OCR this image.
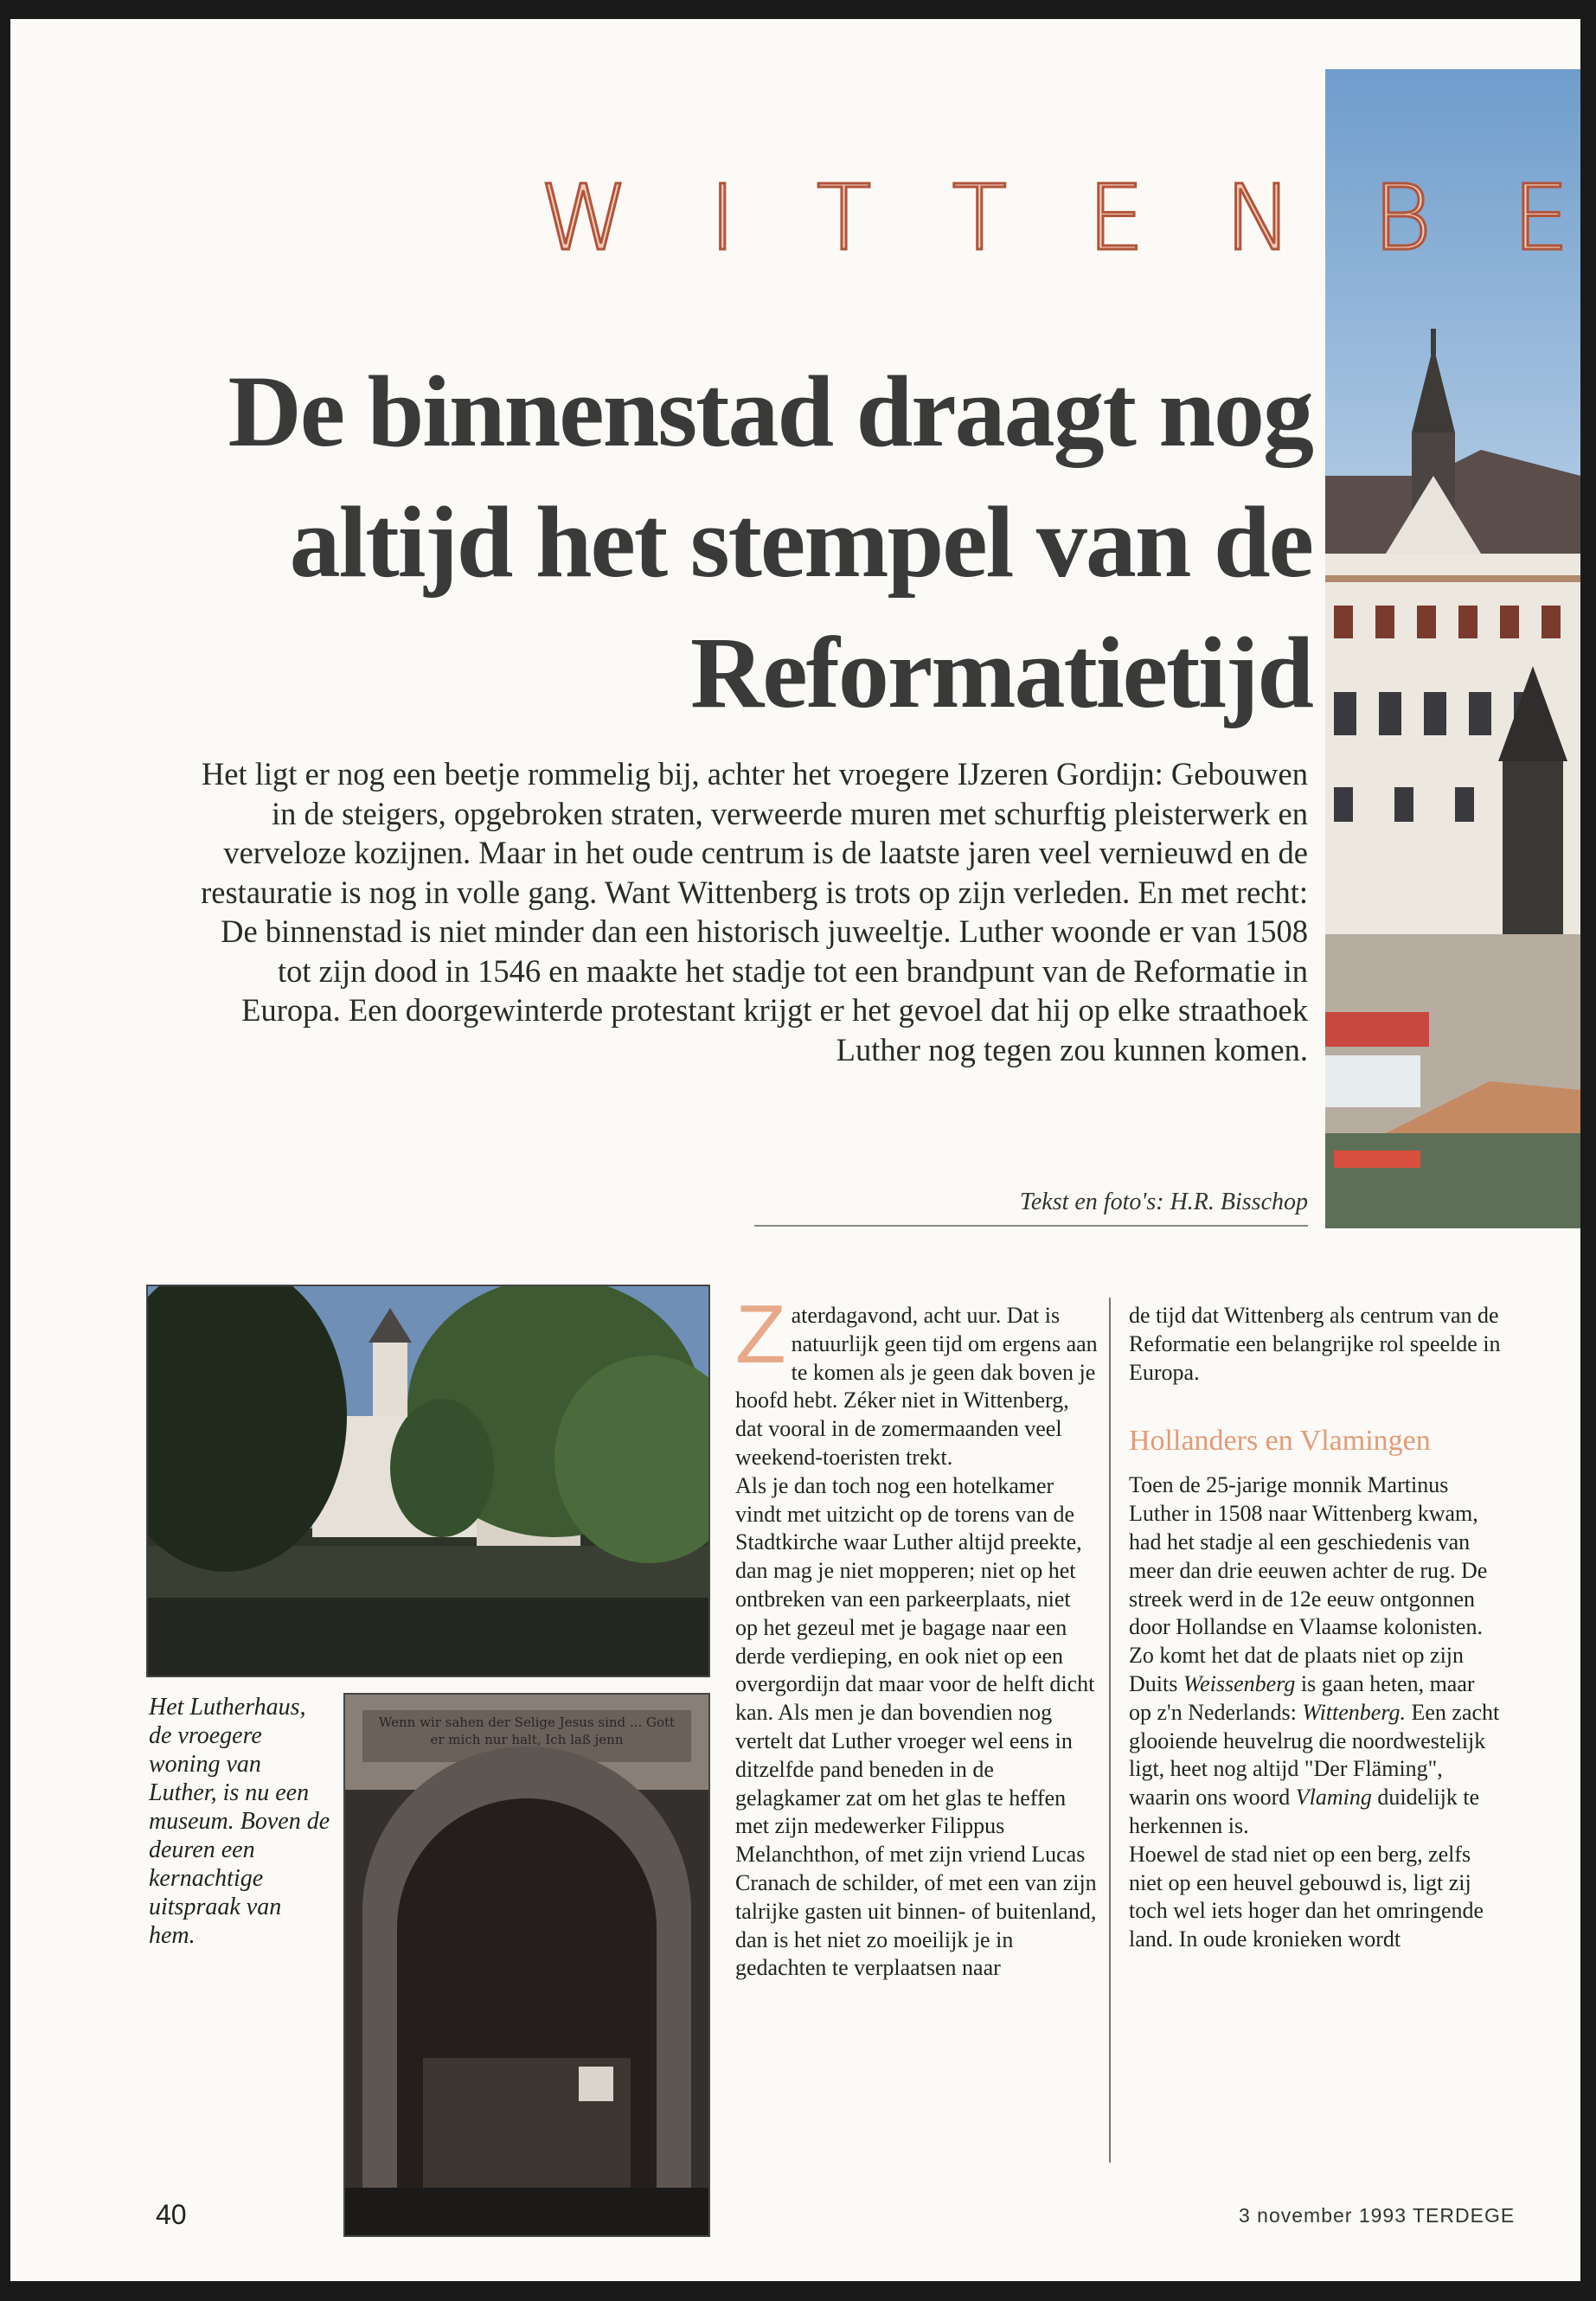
W I T T E N B E
De binnenstad draagt nog altijd het stempel van de Reformatietijd

Het ligt er nog een beetje rommelig bij, achter het vroegere IJzeren Gordijn: Gebouwen in de steigers, opgebroken straten, verweerde muren met schurftig pleisterwerk en verveloze kozijnen. Maar in het oude centrum is de laatste jaren veel vernieuwd en de restauratie is nog in volle gang. Want Wittenberg is trots op zijn verleden. En met recht: De binnenstad is niet minder dan een historisch juweeltje. Luther woonde er van 1508 tot zijn dood in 1546 en maakte het stadje tot een brandpunt van de Reformatie in Europa. Een doorgewinterde protestant krijgt er het gevoel dat hij op elke straathoek Luther nog tegen zou kunnen komen.

Tekst en foto's: H.R. Bisschop

Het Lutherhaus, de vroegere woning van Luther, is nu een museum. Boven de deuren een kernachtige uitspraak van hem.

Wenn wir sahen der Selige Jesus sind ... Gott er mich nur halt, Ich laß jenn

Zaterdagavond, acht uur. Dat is natuurlijk geen tijd om ergens aan te komen als je geen dak boven je hoofd hebt. Zéker niet in Wittenberg, dat vooral in de zomermaanden veel weekend-toeristen trekt.

Als je dan toch nog een hotelkamer vindt met uitzicht op de torens van de Stadtkirche waar Luther altijd preekte, dan mag je niet mopperen; niet op het ontbreken van een parkeerplaats, niet op het gezeul met je bagage naar een derde verdieping, en ook niet op een overgordijn dat maar voor de helft dicht kan. Als men je dan bovendien nog vertelt dat Luther vroeger wel eens in ditzelfde pand beneden in de gelagkamer zat om het glas te heffen met zijn medewerker Filippus Melanchthon, of met zijn vriend Lucas Cranach de schilder, of met een van zijn talrijke gasten uit binnen- of buitenland, dan is het niet zo moeilijk je in gedachten te verplaatsen naar

de tijd dat Wittenberg als centrum van de Reformatie een belangrijke rol speelde in Europa.

Hollanders en Vlamingen

Toen de 25-jarige monnik Martinus Luther in 1508 naar Wittenberg kwam, had het stadje al een geschiedenis van meer dan drie eeuwen achter de rug. De streek werd in de 12e eeuw ontgonnen door Hollandse en Vlaamse kolonisten. Zo komt het dat de plaats niet op zijn Duits Weissenberg is gaan heten, maar op z'n Nederlands: Wittenberg. Een zacht glooiende heuvelrug die noordwestelijk ligt, heet nog altijd "Der Fläming", waarin ons woord Vlaming duidelijk te herkennen is.

Hoewel de stad niet op een berg, zelfs niet op een heuvel gebouwd is, ligt zij toch wel iets hoger dan het omringende land. In oude kronieken wordt

40	3 november 1993 TERDEGE
